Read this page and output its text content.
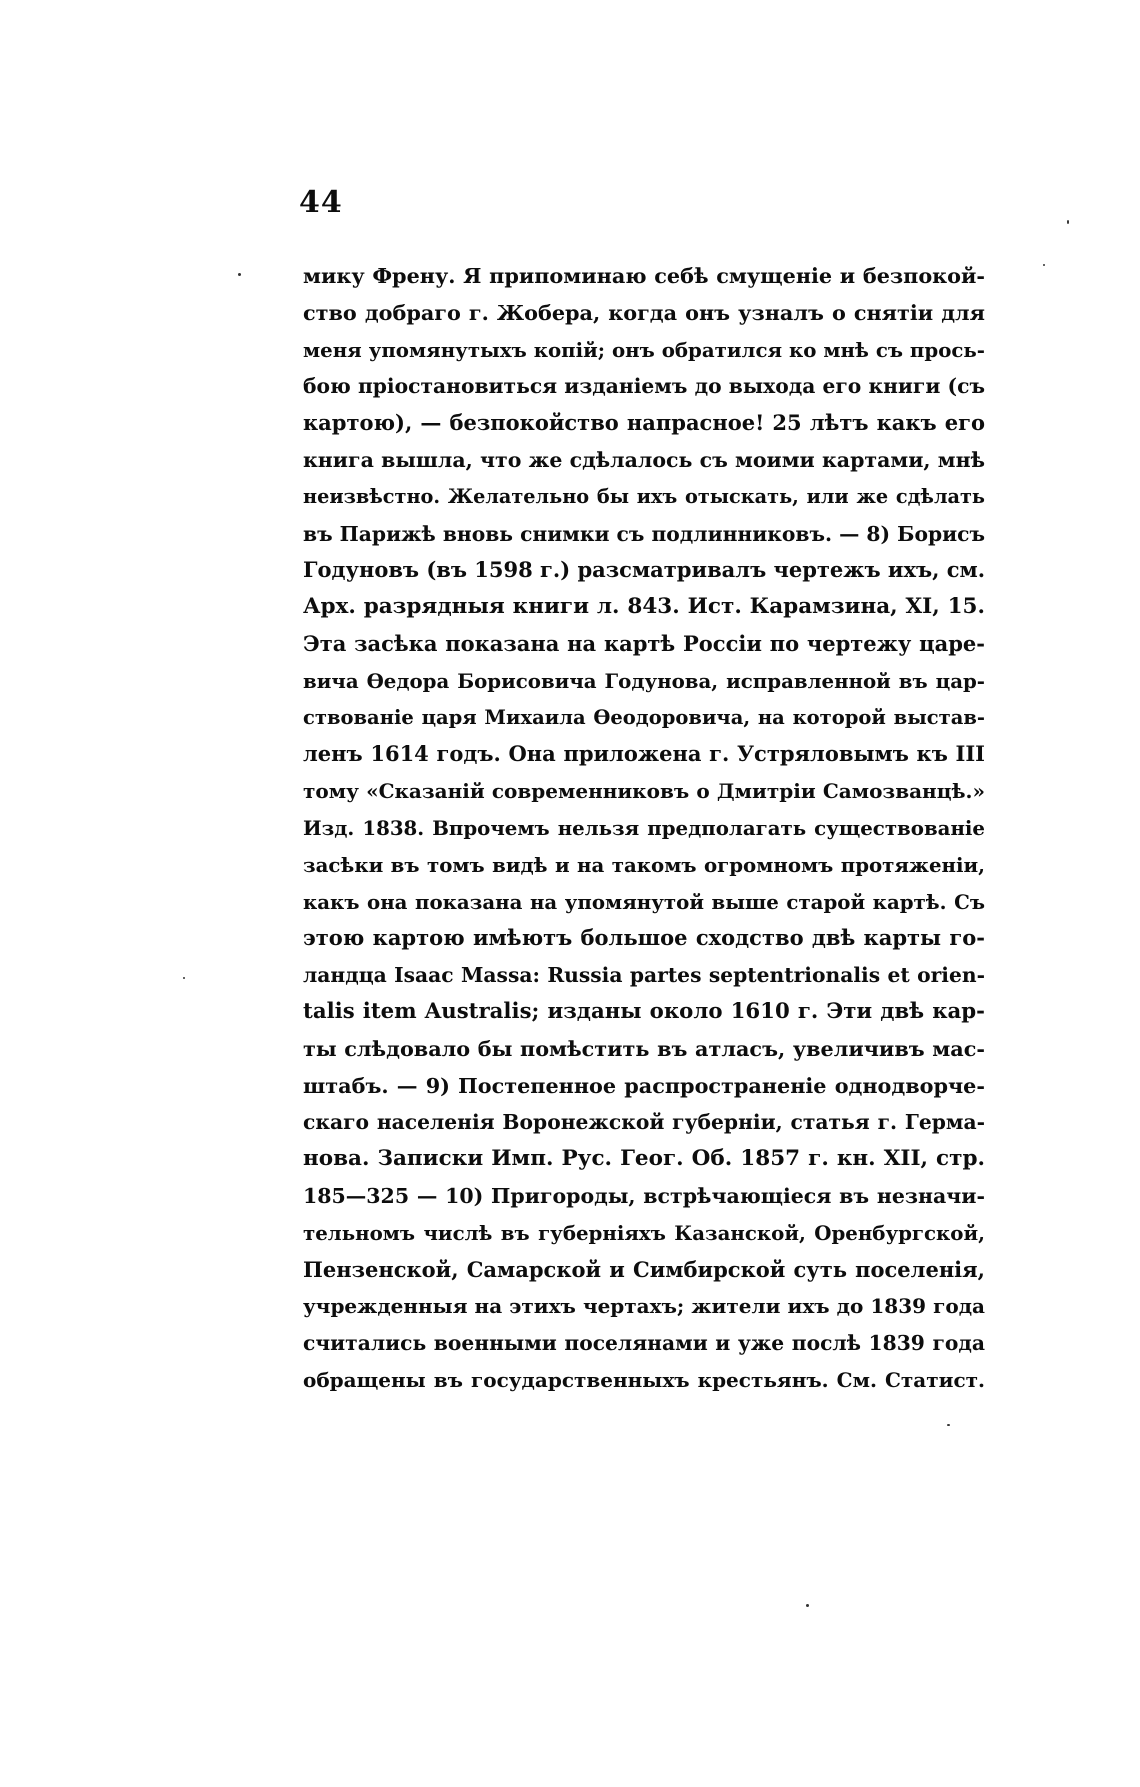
44
мику Френу. Я припоминаю себѣ смущеніе и безпокой-
ство добраго г. Жобера, когда онъ узналъ о снятіи для
меня упомянутыхъ копій; онъ обратился ко мнѣ съ прось-
бою пріостановиться изданіемъ до выхода его книги (съ
картою), — безпокойство напрасное! 25 лѣтъ какъ его
книга вышла, что же сдѣлалось съ моими картами, мнѣ
неизвѣстно. Желательно бы ихъ отыскать, или же сдѣлать
въ Парижѣ вновь снимки съ подлинниковъ. — 8) Борисъ
Годуновъ (въ 1598 г.) разсматривалъ чертежъ ихъ, см.
Арх. разрядныя книги л. 843. Ист. Карамзина, XI, 15.
Эта засѣка показана на картѣ Россіи по чертежу царе-
вича Ѳедора Борисовича Годунова, исправленной въ цар-
ствованіе царя Михаила Ѳеодоровича, на которой выстав-
ленъ 1614 годъ. Она приложена г. Устряловымъ къ III
тому «Сказаній современниковъ о Дмитріи Самозванцѣ.»
Изд. 1838. Впрочемъ нельзя предполагать существованіе
засѣки въ томъ видѣ и на такомъ огромномъ протяженіи,
какъ она показана на упомянутой выше старой картѣ. Съ
этою картою имѣютъ большое сходство двѣ карты го-
ландца Isaac Massa: Russia partes septentrionalis et orien-
talis item Australis; изданы около 1610 г. Эти двѣ кар-
ты слѣдовало бы помѣстить въ атласъ, увеличивъ мас-
штабъ. — 9) Постепенное распространеніе однодворче-
скаго населенія Воронежской губерніи, статья г. Герма-
нова. Записки Имп. Рус. Геог. Об. 1857 г. кн. XII, стр.
185—325 — 10) Пригороды, встрѣчающіеся въ незначи-
тельномъ числѣ въ губерніяхъ Казанской, Оренбургской,
Пензенской, Самарской и Симбирской суть поселенія,
учрежденныя на этихъ чертахъ; жители ихъ до 1839 года
считались военными поселянами и уже послѣ 1839 года
обращены въ государственныхъ крестьянъ. См. Статист.
